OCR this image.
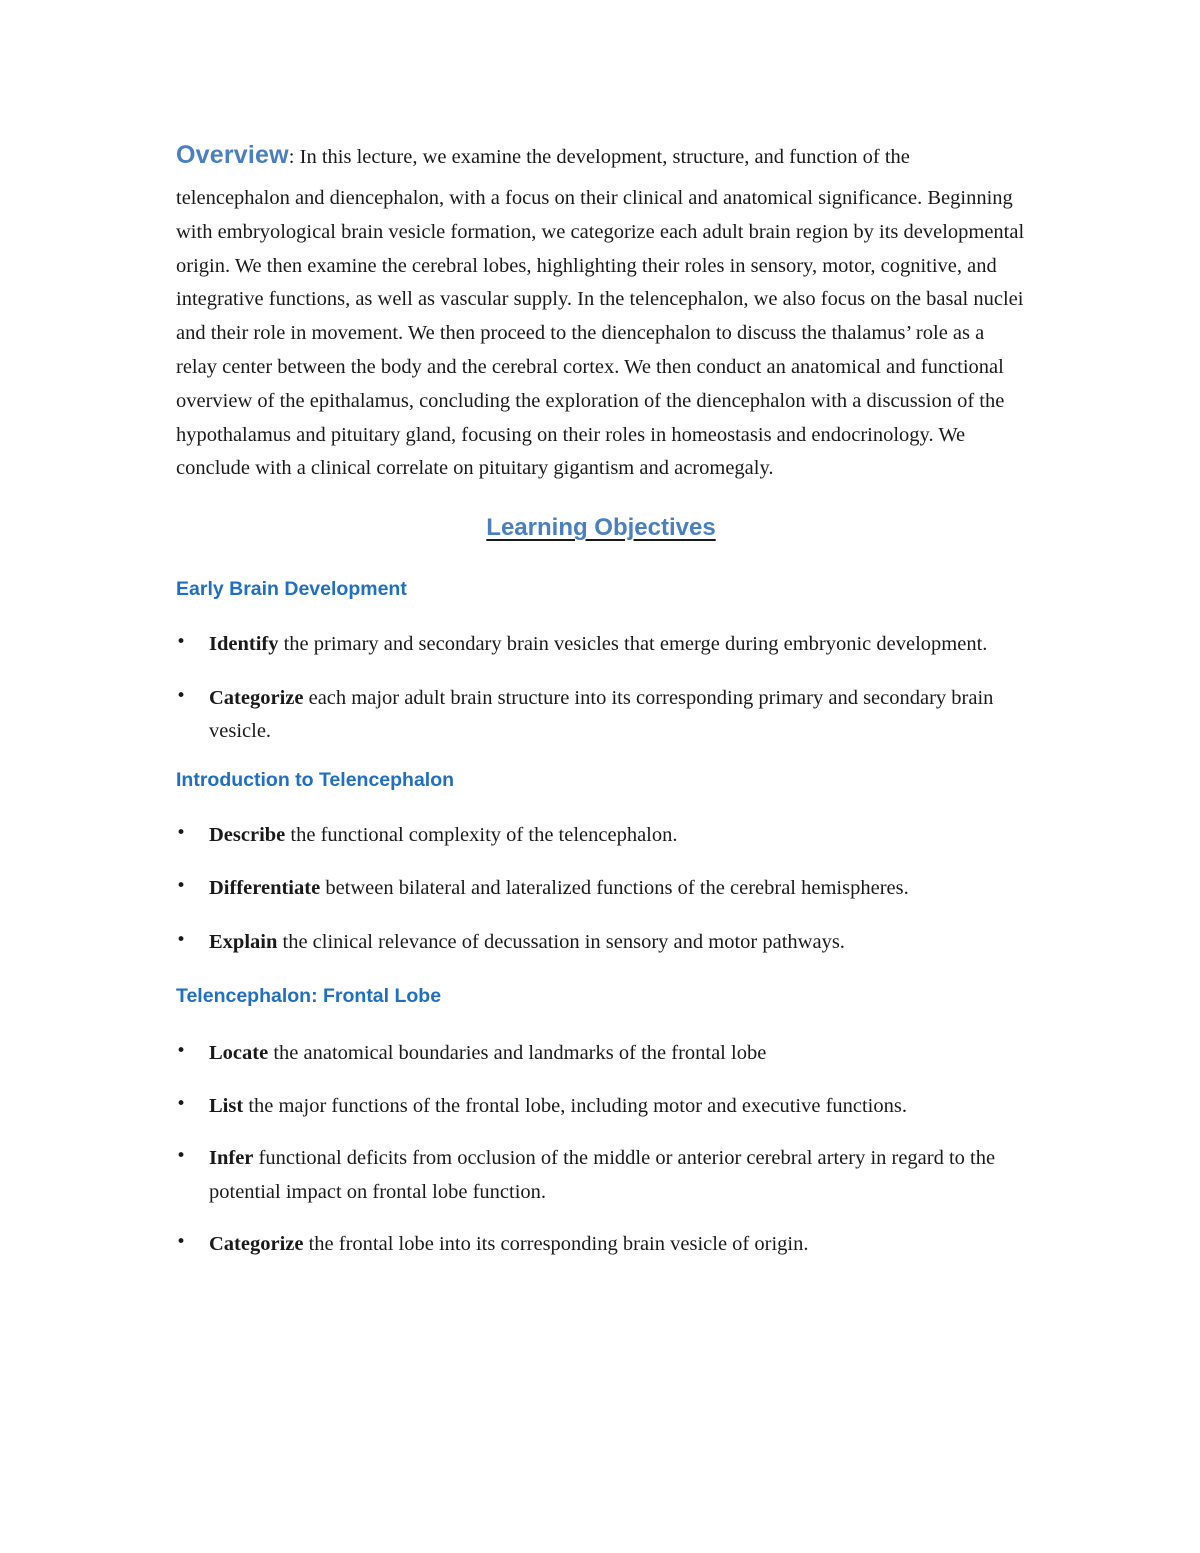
Overview: In this lecture, we examine the development, structure, and function of the

telencephalon and diencephalon, with a focus on their clinical and anatomical significance. Beginning with embryological brain vesicle formation, we categorize each adult brain region by its developmental origin. We then examine the cerebral lobes, highlighting their roles in sensory, motor, cognitive, and integrative functions, as well as vascular supply. In the telencephalon, we also focus on the basal nuclei and their role in movement. We then proceed to the diencephalon to discuss the thalamus’ role as a relay center between the body and the cerebral cortex. We then conduct an anatomical and functional overview of the epithalamus, concluding the exploration of the diencephalon with a discussion of the hypothalamus and pituitary gland, focusing on their roles in homeostasis and endocrinology. We conclude with a clinical correlate on pituitary gigantism and acromegaly.

Learning Objectives
Early Brain Development
• Identify the primary and secondary brain vesicles that emerge during embryonic development.
• Categorize each major adult brain structure into its corresponding primary and secondary brain vesicle.
Introduction to Telencephalon
• Describe the functional complexity of the telencephalon.
• Differentiate between bilateral and lateralized functions of the cerebral hemispheres.
• Explain the clinical relevance of decussation in sensory and motor pathways.
Telencephalon: Frontal Lobe
• Locate the anatomical boundaries and landmarks of the frontal lobe
• List the major functions of the frontal lobe, including motor and executive functions.
• Infer functional deficits from occlusion of the middle or anterior cerebral artery in regard to the potential impact on frontal lobe function.
• Categorize the frontal lobe into its corresponding brain vesicle of origin.
